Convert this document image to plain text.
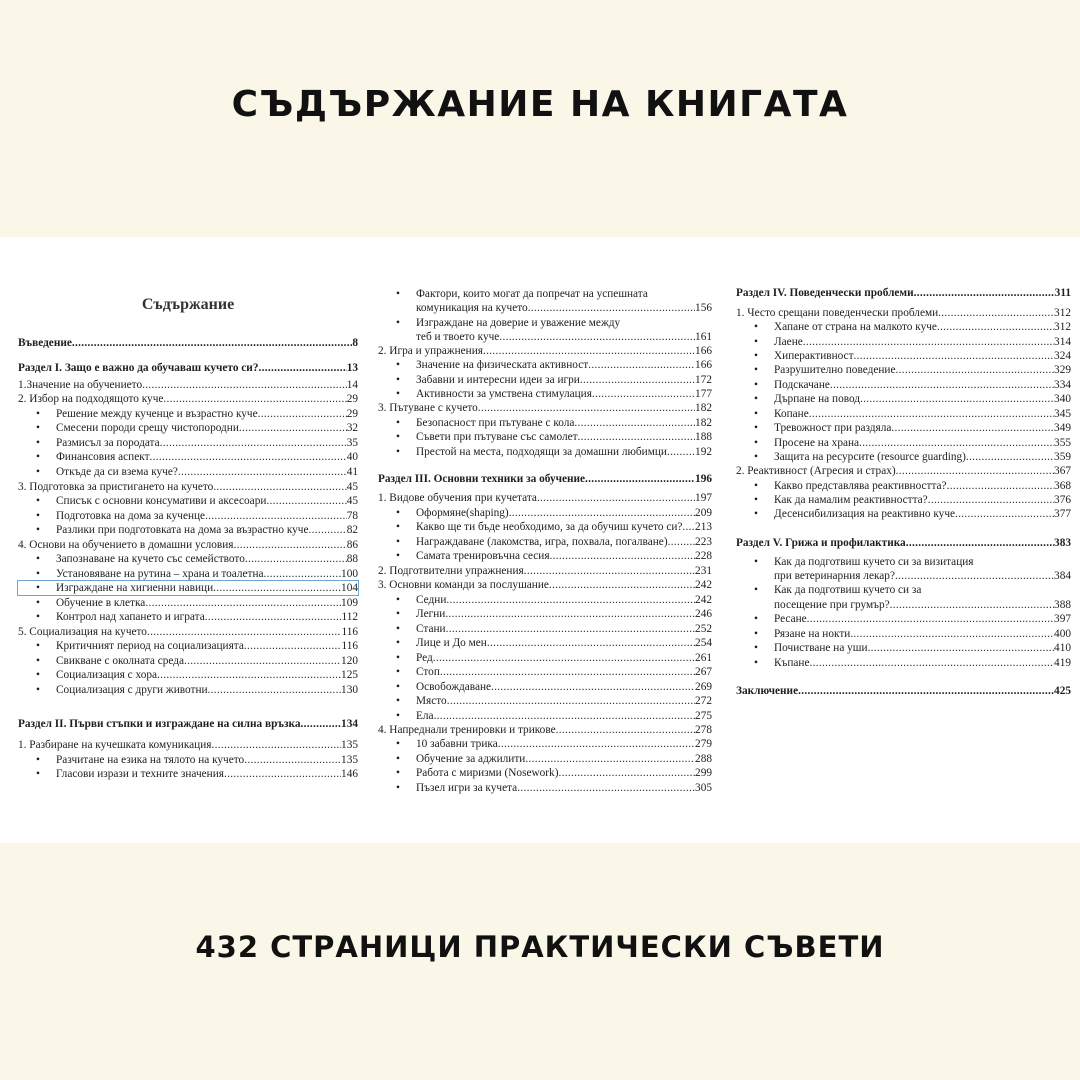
СЪДЪРЖАНИЕ НА КНИГАТА
Съдържание
Въведение .....	8
Раздел I. Защо е важно да обучаваш кучето си? .....	13
1.Значение на обучението .....	14
2. Избор на подходящото куче .....	29
• Решение между кученце и възрастно куче .....	29
• Смесени породи срещу чистопородни .....	32
• Размисъл за породата .....	35
• Финансовия аспект .....	40
• Откъде да си взема куче? .....	41
3. Подготовка за пристигането на кучето .....	45
• Списък с основни консумативи и аксесоари .....	45
• Подготовка на дома за кученце .....	78
• Разлики при подготовката на дома за възрастно куче .....	82
4. Основи на обучението в домашни условия .....	86
• Запознаване на кучето със семейството .....	88
• Установяване на рутина – храна и тоалетна .....	100
• Изграждане на хигиенни навици .....	104
• Обучение в клетка .....	109
• Контрол над хапането и играта .....	112
5. Социализация на кучето .....	116
• Критичният период на социализацията .....	116
• Свикване с околната среда .....	120
• Социализация с хора .....	125
• Социализация с други животни .....	130
Раздел II. Първи стъпки и изграждане на силна връзка .....	134
1. Разбиране на кучешката комуникация .....	135
• Разчитане на езика на тялото на кучето .....	135
• Гласови изрази и техните значения .....	146
• Фактори, които могат да попречат на успешната
комуникация на кучето .....	156
• Изграждане на доверие и уважение между
теб и твоето куче .....	161
2. Игра и упражнения .....	166
• Значение на физическата активност .....	166
• Забавни и интересни идеи за игри .....	172
• Активности за умствена стимулация .....	177
3. Пътуване с кучето .....	182
• Безопасност при пътуване с кола .....	182
• Съвети при пътуване със самолет .....	188
• Престой на места, подходящи за домашни любимци ..... 192
Раздел III. Основни техники за обучение .....	196
1. Видове обучения при кучетата .....	197
• Оформяне(shaping) .....	209
• Какво ще ти бъде необходимо, за да обучиш кучето си? ..... 213
• Награждаване (лакомства, игра, похвала, погалване) ..... 223
• Самата тренировъчна сесия .....	228
2. Подготвителни упражнения .....	231
3. Основни команди за послушание .....	242
• Седни .....	242
• Легни .....	246
• Стани .....	252
• Лице и До мен .....	254
• Ред .....	261
• Стоп .....	267
• Освобождаване .....	269
• Място .....	272
• Ела .....	275
4. Напреднали тренировки и трикове .....	278
• 10 забавни трика .....	279
• Обучение за аджилити .....	288
• Работа с миризми (Nosework) .....	299
• Пъзел игри за кучета .....	305
Раздел IV. Поведенчески проблеми .....	311
1. Често срещани поведенчески проблеми .....	312
• Хапане от страна на малкото куче .....	312
• Лаене .....	314
• Хиперактивност .....	324
• Разрушително поведение .....	329
• Подскачане .....	334
• Дърпане на повод .....	340
• Копане .....	345
• Тревожност при раздяла .....	349
• Просене на храна .....	355
• Защита на ресурсите (resource guarding) .....	359
2. Реактивност (Агресия и страх) .....	367
• Какво представлява реактивността? .....	368
• Как да намалим реактивността? .....	376
• Десенсибилизация на реактивно куче .....	377
Раздел V. Грижа и профилактика .....	383
• Как да подготвиш кучето си за визитация
при ветеринарния лекар? .....	384
• Как да подготвиш кучето си за
посещение при грумър? .....	388
• Ресане .....	397
• Рязане на нокти .....	400
• Почистване на уши .....	410
• Къпане .....	419
Заключение .....	425
432 СТРАНИЦИ ПРАКТИЧЕСКИ СЪВЕТИ
